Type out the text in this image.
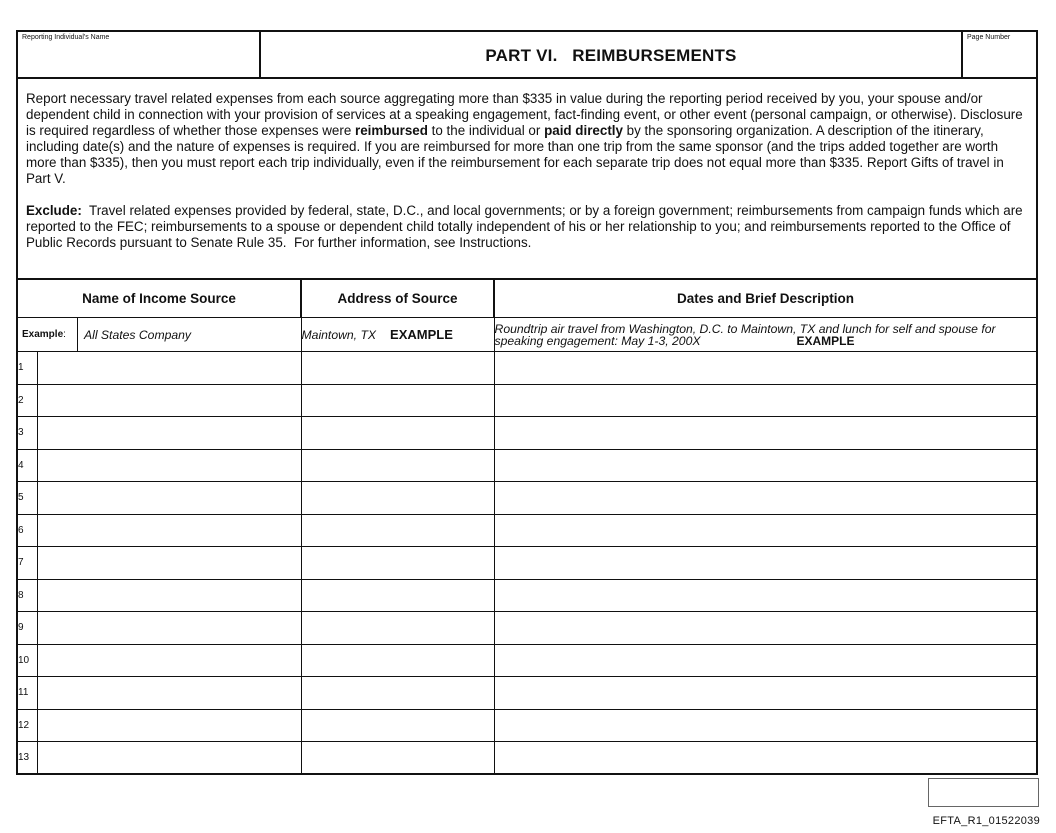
Reporting Individual's Name
PART VI.   REIMBURSEMENTS
Page Number

Report necessary travel related expenses from each source aggregating more than $335 in value during the reporting period received by you, your spouse and/or dependent child in connection with your provision of services at a speaking engagement, fact-finding event, or other event (personal campaign, or otherwise). Disclosure is required regardless of whether those expenses were reimbursed to the individual or paid directly by the sponsoring organization. A description of the itinerary, including date(s) and the nature of expenses is required. If you are reimbursed for more than one trip from the same sponsor (and the trips added together are worth more than $335), then you must report each trip individually, even if the reimbursement for each separate trip does not equal more than $335. Report Gifts of travel in Part V.

Exclude:  Travel related expenses provided by federal, state, D.C., and local governments; or by a foreign government; reimbursements from campaign funds which are reported to the FEC; reimbursements to a spouse or dependent child totally independent of his or her relationship to you; and reimbursements reported to the Office of Public Records pursuant to Senate Rule 35.  For further information, see Instructions.

Name of Income Source		Address of Source	Dates and Brief Description

Example : All States Company		Maintown, TX EXAMPLE	Roundtrip air travel from Washington, D.C. to Maintown, TX and lunch for self and spouse for speaking engagement: May 1-3, 200X EXAMPLE
1			
2			
3			
4			
5			
6			
7			
8			
9			
10			
11			
12			
13			
EFTA_R1_01522039
